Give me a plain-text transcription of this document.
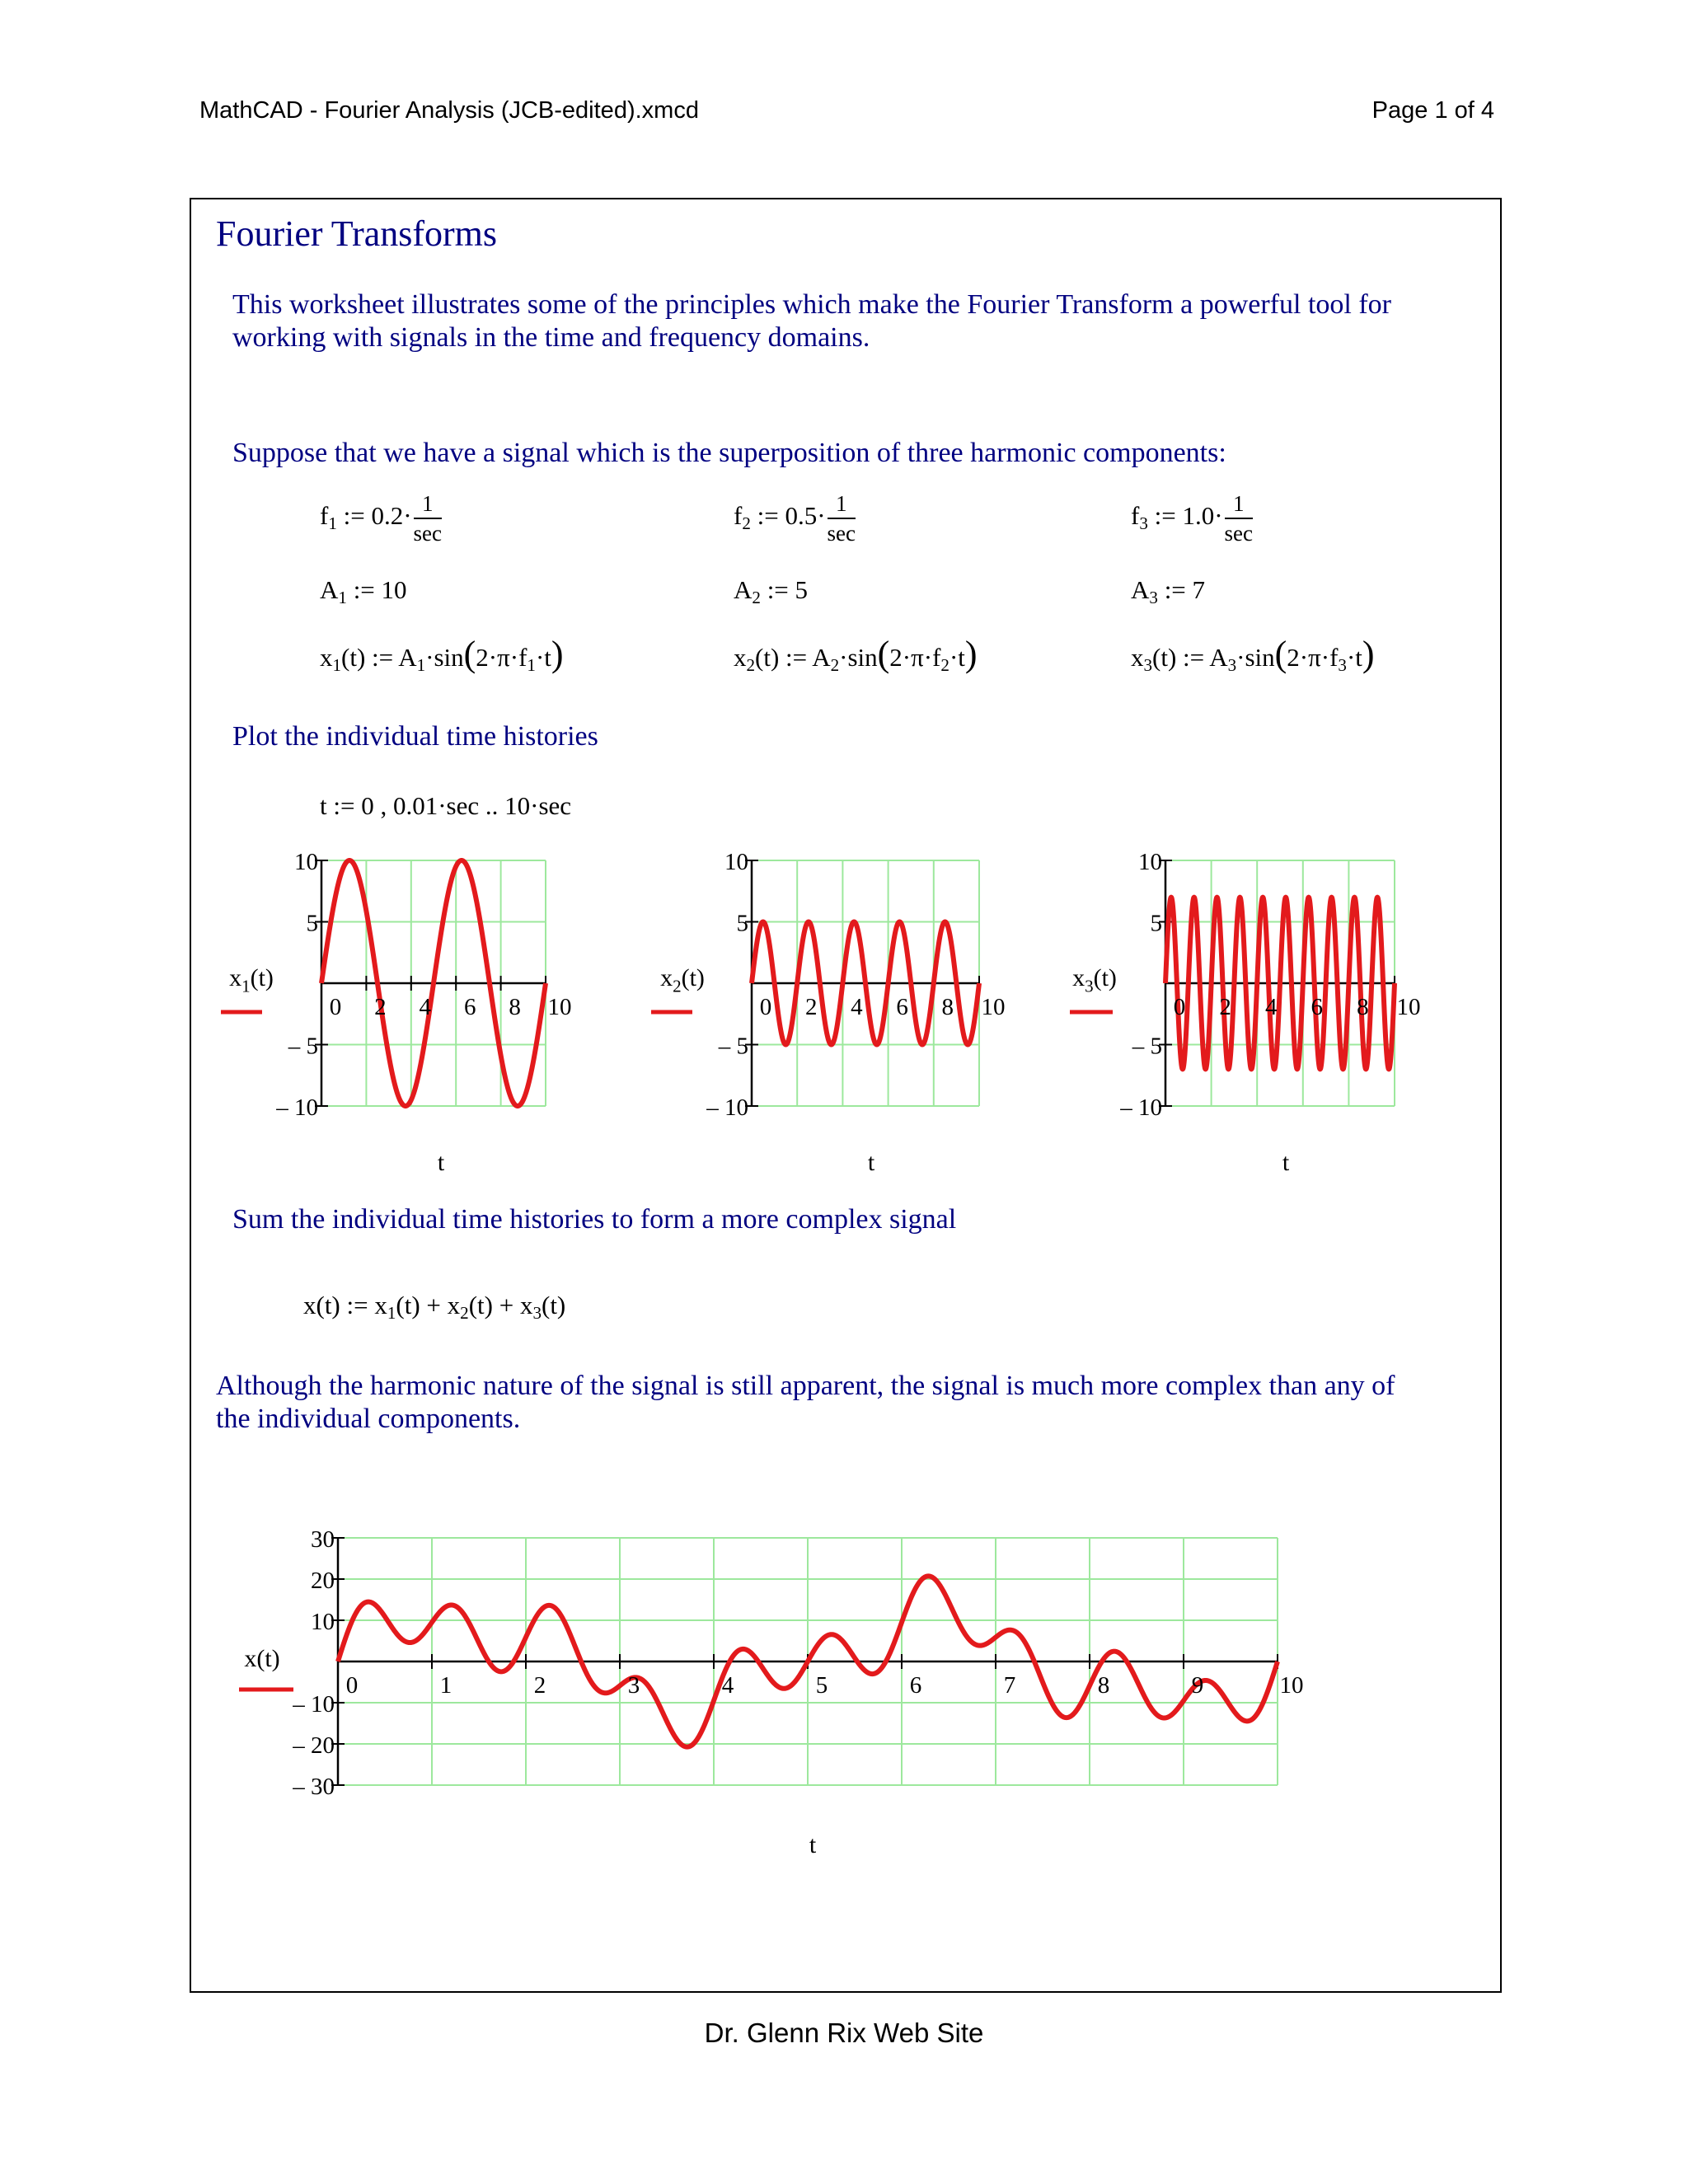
MathCAD - Fourier Analysis (JCB-edited).xmcd	Page 1 of 4
Fourier Transforms

This worksheet illustrates some of the principles which make the Fourier Transform a powerful tool for

working with signals in the time and frequency domains.

Suppose that we have a signal which is the superposition of three harmonic components:

$f_1$ := $0.2\cdot \frac{1}{\sec}$
$A_1$ := 10
$x_1(t)$ := $A_1\cdot\sin(2\cdot\pi\cdot f_1\cdot t)$
$f_2$ := $0.5\cdot \frac{1}{\sec}$
$A_2$ := 5
$x_2(t)$ := $A_2\cdot\sin(2\cdot\pi\cdot f_2\cdot t)$
$f_3$ := $1.0\cdot \frac{1}{\sec}$
$A_3$ := 7
$x_3(t)$ := $A_3\cdot\sin(2\cdot\pi\cdot f_3\cdot t)$

Plot the individual time histories

t := 0 , 0.01·sec .. 10·sec

Sum the individual time histories to form a more complex signal

x(t) := $x_1(t) + x_2(t) + x_3(t)$

Although the harmonic nature of the signal is still apparent, the signal is much more complex than any of

the individual components.

0 2 4 6 8 10
10
5
– 5
– 10
t
$x_1(t)$
0 2 4 6 8 10
10
5
– 5
– 10
t
$x_2(t)$
0 2 4 6 8 10
10
5
– 5
– 10
t
$x_3(t)$
0	1	2	3	4	5	6	7	8	9	10
30
20
10
– 10
– 20
– 30
t
x(t)
Dr. Glenn Rix Web Site
